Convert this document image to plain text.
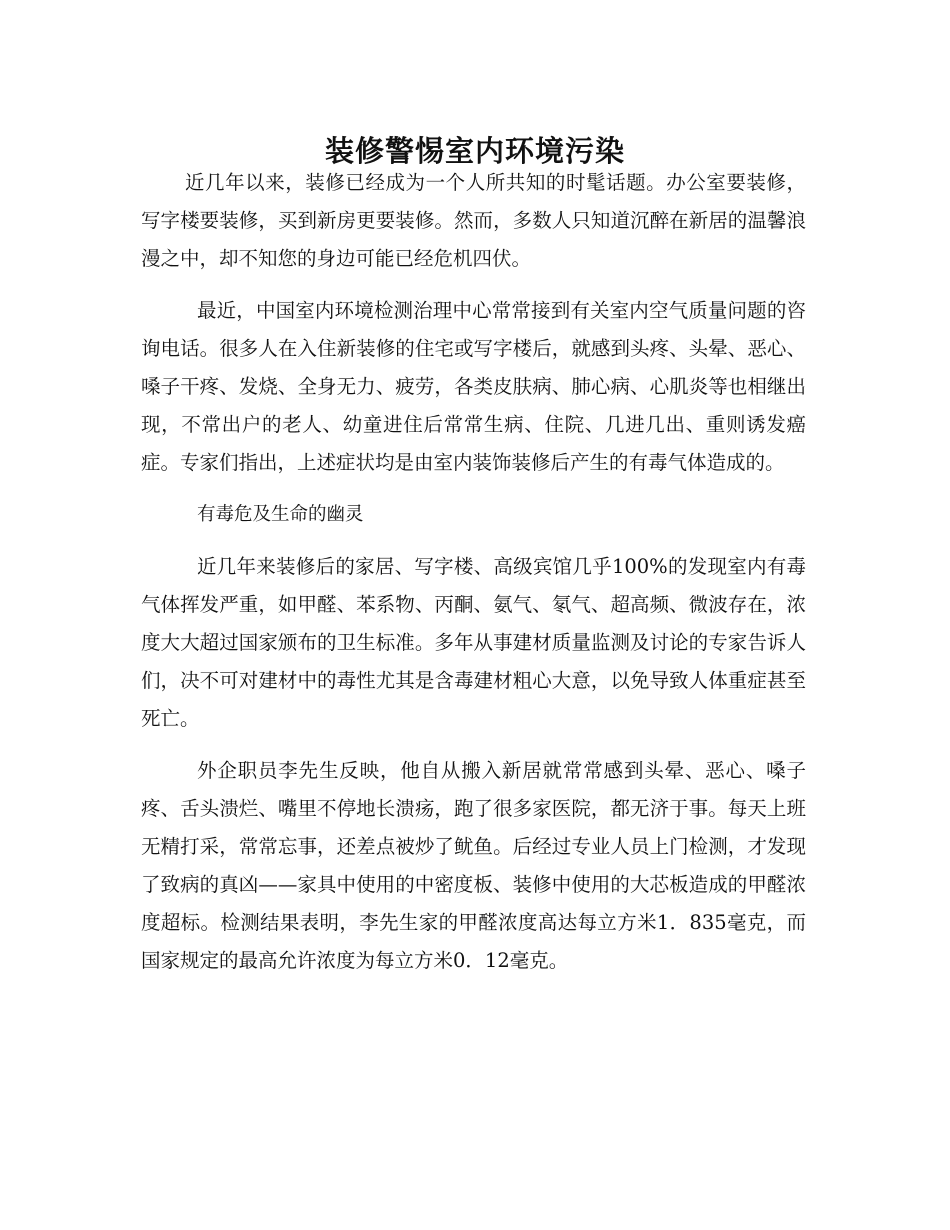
装修警惕室内环境污染

近几年以来，装修已经成为一个人所共知的时髦话题。办公室要装修，写字楼要装修，买到新房更要装修。然而，多数人只知道沉醉在新居的温馨浪漫之中，却不知您的身边可能已经危机四伏。

最近，中国室内环境检测治理中心常常接到有关室内空气质量问题的咨询电话。很多人在入住新装修的住宅或写字楼后，就感到头疼、头晕、恶心、嗓子干疼、发烧、全身无力、疲劳，各类皮肤病、肺心病、心肌炎等也相继出现，不常出户的老人、幼童进住后常常生病、住院、几进几出、重则诱发癌症。专家们指出，上述症状均是由室内装饰装修后产生的有毒气体造成的。

有毒危及生命的幽灵

近几年来装修后的家居、写字楼、高级宾馆几乎100%的发现室内有毒气体挥发严重，如甲醛、苯系物、丙酮、氨气、氡气、超高频、微波存在，浓度大大超过国家颁布的卫生标准。多年从事建材质量监测及讨论的专家告诉人们，决不可对建材中的毒性尤其是含毒建材粗心大意，以免导致人体重症甚至死亡。

外企职员李先生反映，他自从搬入新居就常常感到头晕、恶心、嗓子疼、舌头溃烂、嘴里不停地长溃疡，跑了很多家医院，都无济于事。每天上班无精打采，常常忘事，还差点被炒了鱿鱼。后经过专业人员上门检测，才发现了致病的真凶——家具中使用的中密度板、装修中使用的大芯板造成的甲醛浓度超标。检测结果表明，李先生家的甲醛浓度高达每立方米1．835毫克，而国家规定的最高允许浓度为每立方米0．12毫克。
